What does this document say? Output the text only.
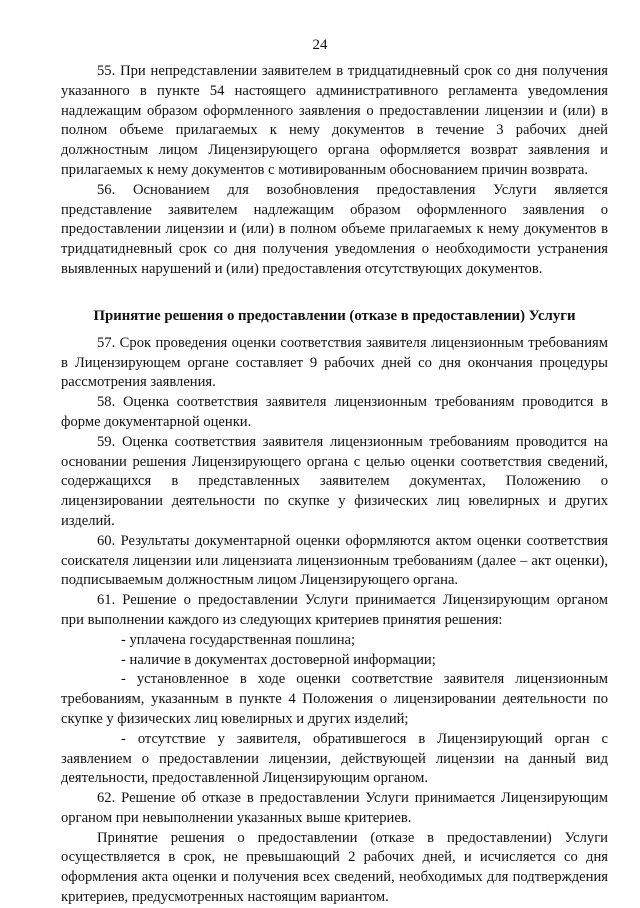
24

55. При непредставлении заявителем в тридцатидневный срок со дня получения указанного в пункте 54 настоящего административного регламента уведомления надлежащим образом оформленного заявления о предоставлении лицензии и (или) в полном объеме прилагаемых к нему документов в течение 3 рабочих дней должностным лицом Лицензирующего органа оформляется возврат заявления и прилагаемых к нему документов с мотивированным обоснованием причин возврата.

56. Основанием для возобновления предоставления Услуги является представление заявителем надлежащим образом оформленного заявления о предоставлении лицензии и (или) в полном объеме прилагаемых к нему документов в тридцатидневный срок со дня получения уведомления о необходимости устранения выявленных нарушений и (или) предоставления отсутствующих документов.

Принятие решения о предоставлении (отказе в предоставлении) Услуги

57. Срок проведения оценки соответствия заявителя лицензионным требованиям в Лицензирующем органе составляет 9 рабочих дней со дня окончания процедуры рассмотрения заявления.

58. Оценка соответствия заявителя лицензионным требованиям проводится в форме документарной оценки.

59. Оценка соответствия заявителя лицензионным требованиям проводится на основании решения Лицензирующего органа с целью оценки соответствия сведений, содержащихся в представленных заявителем документах, Положению о лицензировании деятельности по скупке у физических лиц ювелирных и других изделий.

60. Результаты документарной оценки оформляются актом оценки соответствия соискателя лицензии или лицензиата лицензионным требованиям (далее – акт оценки), подписываемым должностным лицом Лицензирующего органа.

61. Решение о предоставлении Услуги принимается Лицензирующим органом при выполнении каждого из следующих критериев принятия решения:

- уплачена государственная пошлина;

- наличие в документах достоверной информации;

- установленное в ходе оценки соответствие заявителя лицензионным требованиям, указанным в пункте 4 Положения о лицензировании деятельности по скупке у физических лиц ювелирных и других изделий;

- отсутствие у заявителя, обратившегося в Лицензирующий орган с заявлением о предоставлении лицензии, действующей лицензии на данный вид деятельности, предоставленной Лицензирующим органом.

62. Решение об отказе в предоставлении Услуги принимается Лицензирующим органом при невыполнении указанных выше критериев.

Принятие решения о предоставлении (отказе в предоставлении) Услуги осуществляется в срок, не превышающий 2 рабочих дней, и исчисляется со дня оформления акта оценки и получения всех сведений, необходимых для подтверждения критериев, предусмотренных настоящим вариантом.
